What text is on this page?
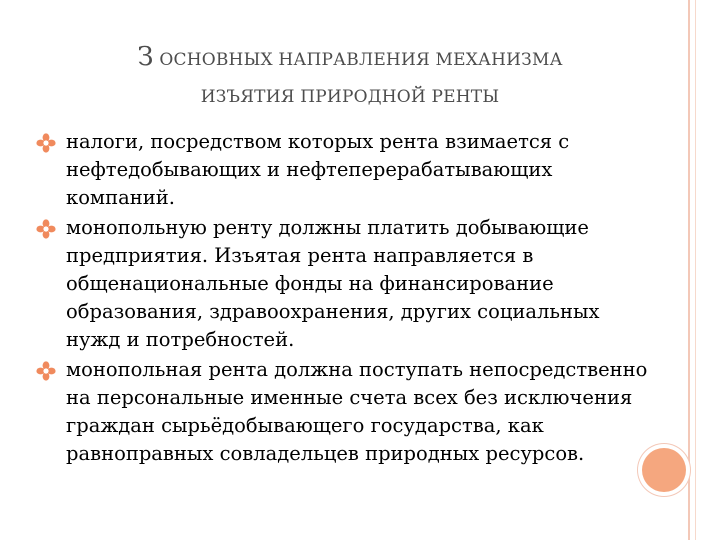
З ОСНОВНЫХ НАПРАВЛЕНИЯ МЕХАНИЗМА
ИЗЪЯТИЯ ПРИРОДНОЙ РЕНТЫ
налоги, посредством которых рента взимается с нефтедобывающих и нефтеперерабатывающих компаний.
монопольную ренту должны платить добывающие предприятия. Изъятая рента направляется в общенациональные фонды на финансирование образования, здравоохранения, других социальных нужд и потребностей.
монопольная рента должна поступать непосредственно на персональные именные счета всех без исключения граждан сырьёдобывающего государства, как равноправных совладельцев природных ресурсов.
